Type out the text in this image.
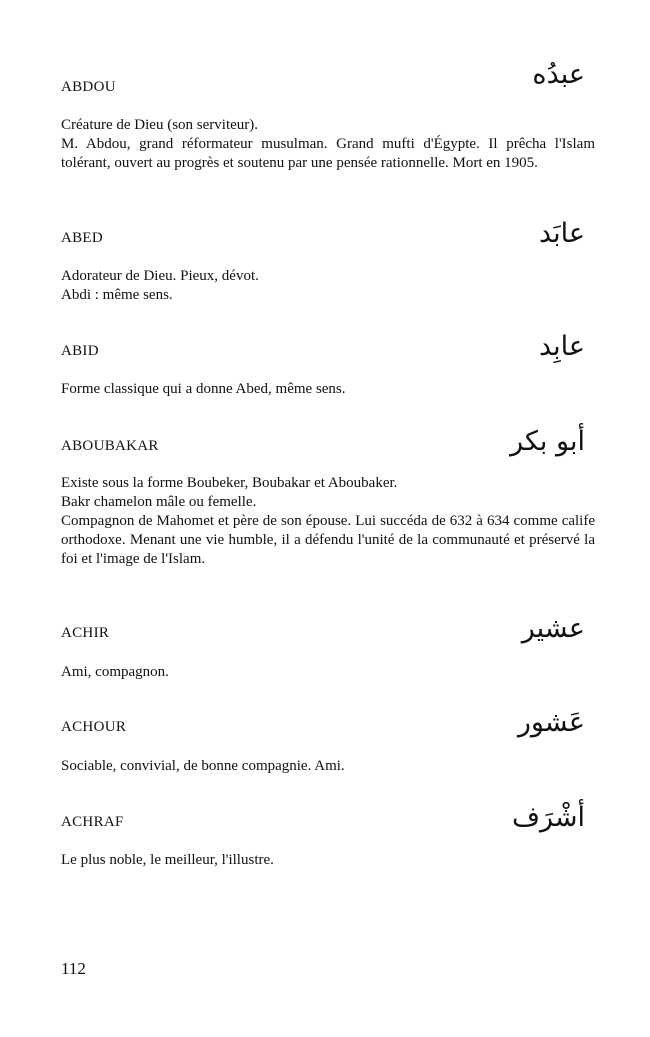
ABDOU	عبدُه
Créature de Dieu (son serviteur).
M. Abdou, grand réformateur musulman. Grand mufti d'Égypte. Il prêcha l'Islam tolérant, ouvert au progrès et soutenu par une pensée rationnelle. Mort en 1905.
ABED	عابَد
Adorateur de Dieu. Pieux, dévot.
Abdi : même sens.
ABID	عابِد
Forme classique qui a donne Abed, même sens.
ABOUBAKAR	أبو بكر
Existe sous la forme Boubeker, Boubakar et Aboubaker.
Bakr chamelon mâle ou femelle.
Compagnon de Mahomet et père de son épouse. Lui succéda de 632 à 634 comme calife orthodoxe. Menant une vie humble, il a défendu l'unité de la communauté et préservé la foi et l'image de l'Islam.
ACHIR	عشير
Ami, compagnon.
ACHOUR	عَشور
Sociable, convivial, de bonne compagnie. Ami.
ACHRAF	أشْرَف
Le plus noble, le meilleur, l'illustre.
112
